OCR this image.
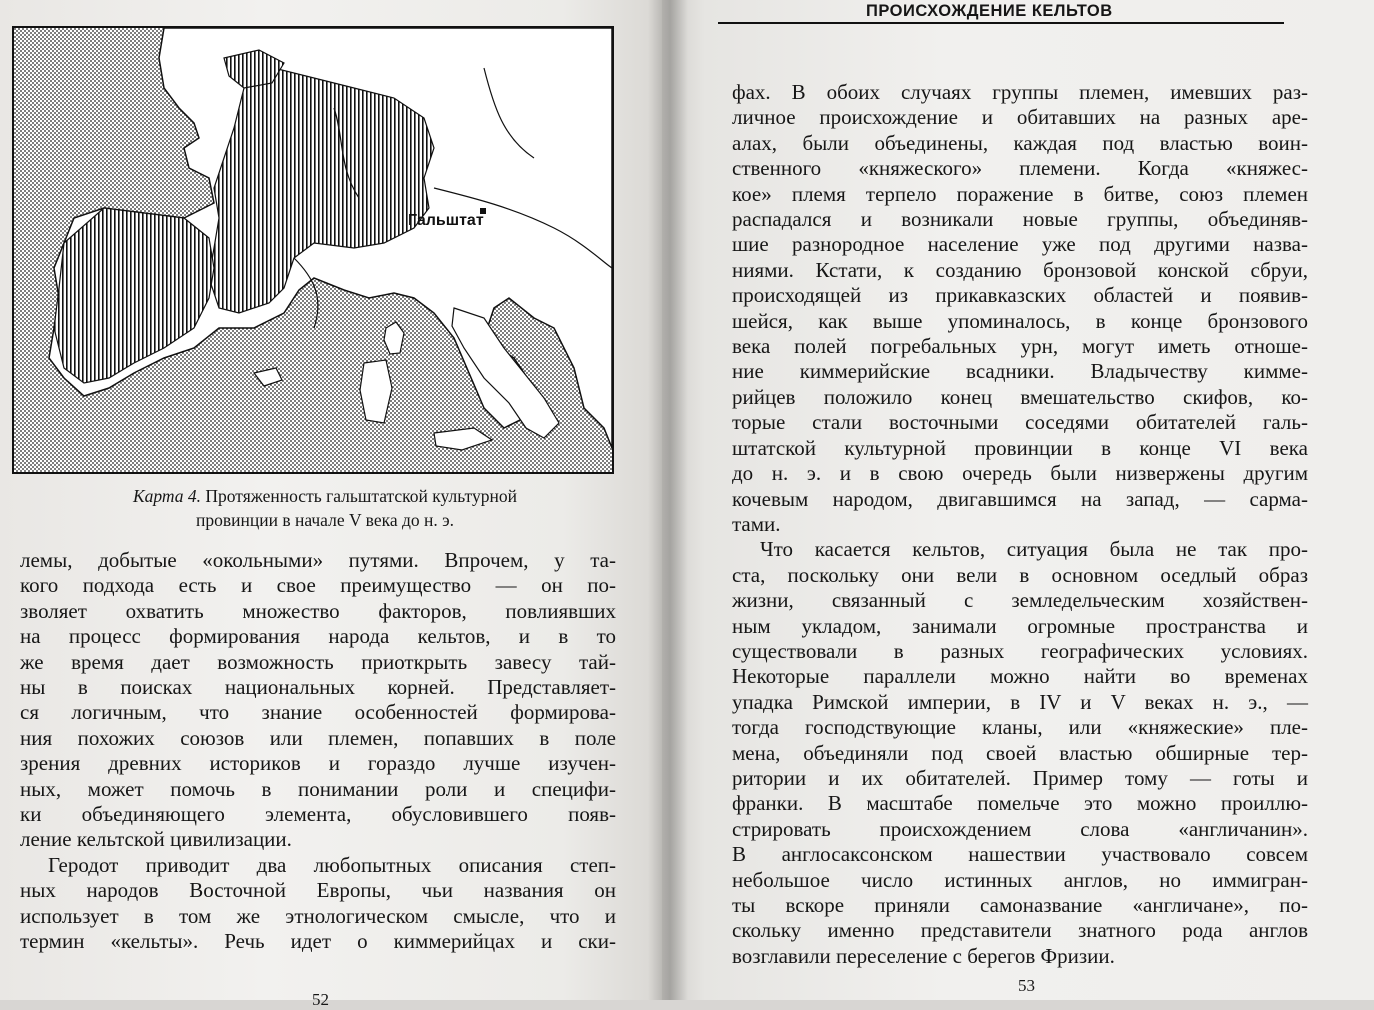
Гальштат
Карта 4. Протяженность гальштатской культурной
провинции в начале V века до н. э.
лемы, добытые «окольными» путями. Впрочем, у та-
кого подхода есть и свое преимущество — он по-
зволяет охватить множество факторов, повлиявших
на процесс формирования народа кельтов, и в то
же время дает возможность приоткрыть завесу тай-
ны в поисках национальных корней. Представляет-
ся логичным, что знание особенностей формирова-
ния похожих союзов или племен, попавших в поле
зрения древних историков и гораздо лучше изучен-
ных, может помочь в понимании роли и специфи-
ки объединяющего элемента, обусловившего появ-
ление кельтской цивилизации.
Геродот приводит два любопытных описания степ-
ных народов Восточной Европы, чьи названия он
использует в том же этнологическом смысле, что и
термин «кельты». Речь идет о киммерийцах и ски-
52
ПРОИСХОЖДЕНИЕ КЕЛЬТОВ
фах. В обоих случаях группы племен, имевших раз-
личное происхождение и обитавших на разных аре-
алах, были объединены, каждая под властью воин-
ственного «княжеского» племени. Когда «княжес-
кое» племя терпело поражение в битве, союз племен
распадался и возникали новые группы, объединяв-
шие разнородное население уже под другими назва-
ниями. Кстати, к созданию бронзовой конской сбруи,
происходящей из прикавказских областей и появив-
шейся, как выше упоминалось, в конце бронзового
века полей погребальных урн, могут иметь отноше-
ние киммерийские всадники. Владычеству кимме-
рийцев положило конец вмешательство скифов, ко-
торые стали восточными соседями обитателей галь-
штатской культурной провинции в конце VI века
до н. э. и в свою очередь были низвержены другим
кочевым народом, двигавшимся на запад, — сарма-
тами.
Что касается кельтов, ситуация была не так про-
ста, поскольку они вели в основном оседлый образ
жизни, связанный с земледельческим хозяйствен-
ным укладом, занимали огромные пространства и
существовали в разных географических условиях.
Некоторые параллели можно найти во временах
упадка Римской империи, в IV и V веках н. э., —
тогда господствующие кланы, или «княжеские» пле-
мена, объединяли под своей властью обширные тер-
ритории и их обитателей. Пример тому — готы и
франки. В масштабе помельче это можно проиллю-
стрировать происхождением слова «англичанин».
В англосаксонском нашествии участвовало совсем
небольшое число истинных англов, но иммигран-
ты вскоре приняли самоназвание «англичане», по-
скольку именно представители знатного рода англов
возглавили переселение с берегов Фризии.
53
